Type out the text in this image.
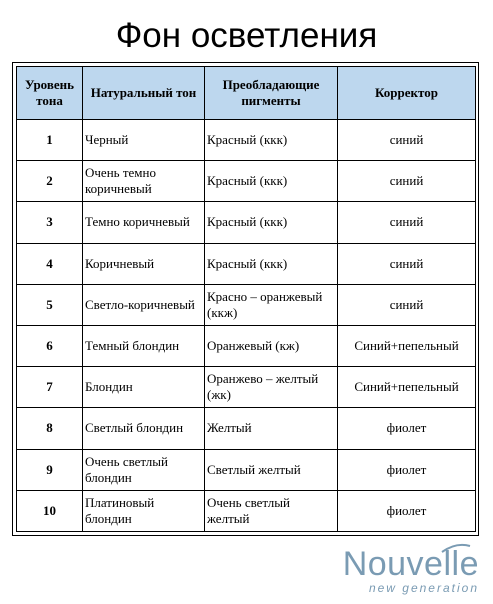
Фон осветления
Уровень тона	Натуральный тон	Преобладающие пигменты	Корректор
1	Черный	Красный (ккк)	синий
2	Очень темно коричневый	Красный (ккк)	синий
3	Темно коричневый	Красный (ккк)	синий
4	Коричневый	Красный (ккк)	синий
5	Светло-коричневый	Красно – оранжевый (ккж)	синий
6	Темный блондин	Оранжевый (кж)	Синий+пепельный
7	Блондин	Оранжево – желтый (жк)	Синий+пепельный
8	Светлый блондин	Желтый	фиолет
9	Очень светлый блондин	Светлый желтый	фиолет
10	Платиновый блондин	Очень светлый желтый	фиолет
Nouvelle
new generation
